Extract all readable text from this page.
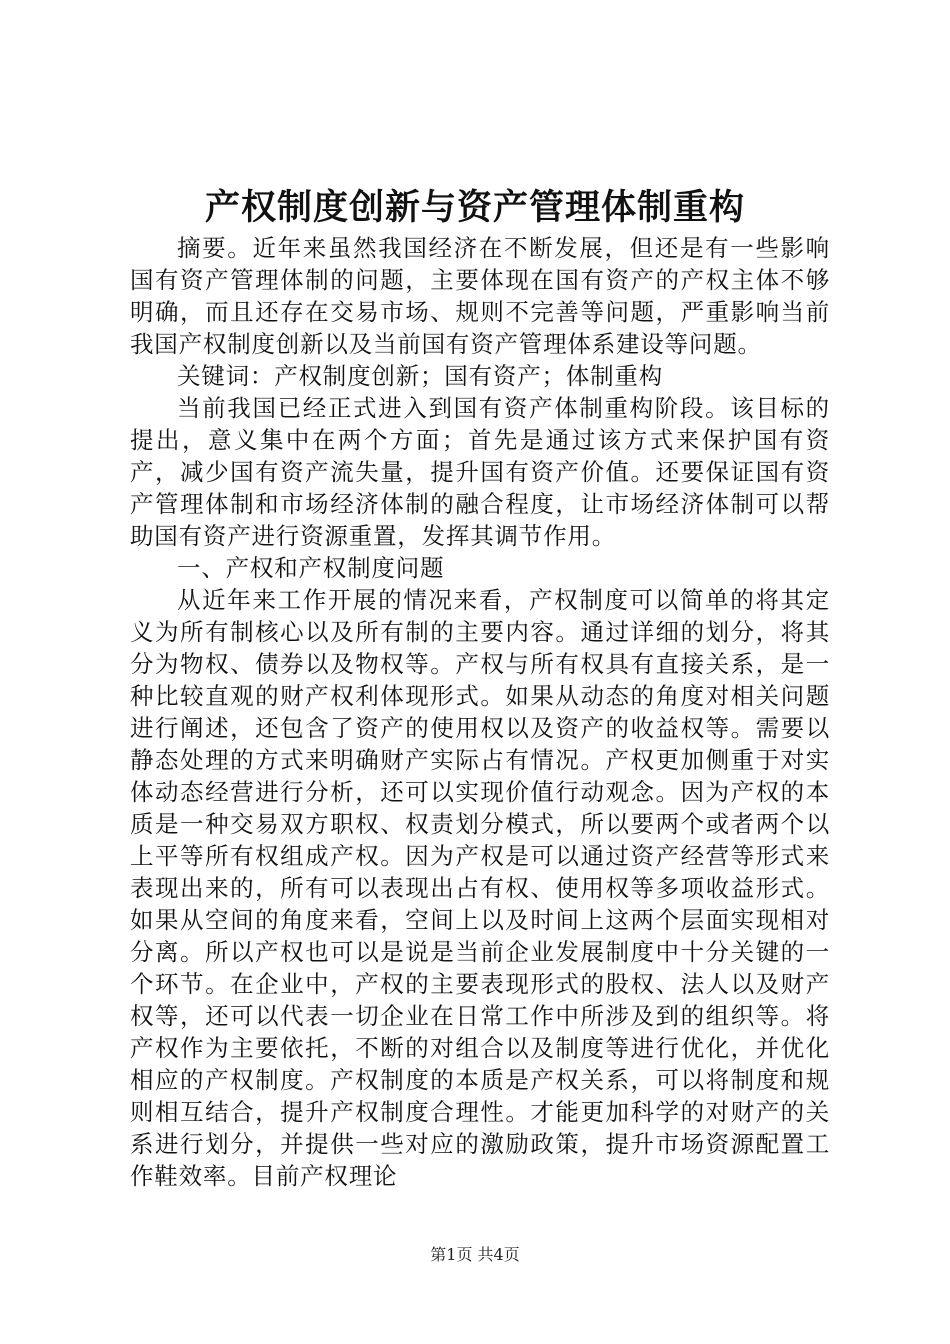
产权制度创新与资产管理体制重构

摘要。近年来虽然我国经济在不断发展，但还是有一些影响国有资产管理体制的问题，主要体现在国有资产的产权主体不够明确，而且还存在交易市场、规则不完善等问题，严重影响当前我国产权制度创新以及当前国有资产管理体系建设等问题。

关键词：产权制度创新；国有资产；体制重构

当前我国已经正式进入到国有资产体制重构阶段。该目标的提出，意义集中在两个方面；首先是通过该方式来保护国有资产，减少国有资产流失量，提升国有资产价值。还要保证国有资产管理体制和市场经济体制的融合程度，让市场经济体制可以帮助国有资产进行资源重置，发挥其调节作用。

一、产权和产权制度问题

从近年来工作开展的情况来看，产权制度可以简单的将其定义为所有制核心以及所有制的主要内容。通过详细的划分，将其分为物权、债券以及物权等。产权与所有权具有直接关系，是一种比较直观的财产权利体现形式。如果从动态的角度对相关问题进行阐述，还包含了资产的使用权以及资产的收益权等。需要以静态处理的方式来明确财产实际占有情况。产权更加侧重于对实体动态经营进行分析，还可以实现价值行动观念。因为产权的本质是一种交易双方职权、权责划分模式，所以要两个或者两个以上平等所有权组成产权。因为产权是可以通过资产经营等形式来表现出来的，所有可以表现出占有权、使用权等多项收益形式。如果从空间的角度来看，空间上以及时间上这两个层面实现相对分离。所以产权也可以是说是当前企业发展制度中十分关键的一个环节。在企业中，产权的主要表现形式的股权、法人以及财产权等，还可以代表一切企业在日常工作中所涉及到的组织等。将产权作为主要依托，不断的对组合以及制度等进行优化，并优化相应的产权制度。产权制度的本质是产权关系，可以将制度和规则相互结合，提升产权制度合理性。才能更加科学的对财产的关系进行划分，并提供一些对应的激励政策，提升市场资源配置工作鞋效率。目前产权理论

第1页 共4页
